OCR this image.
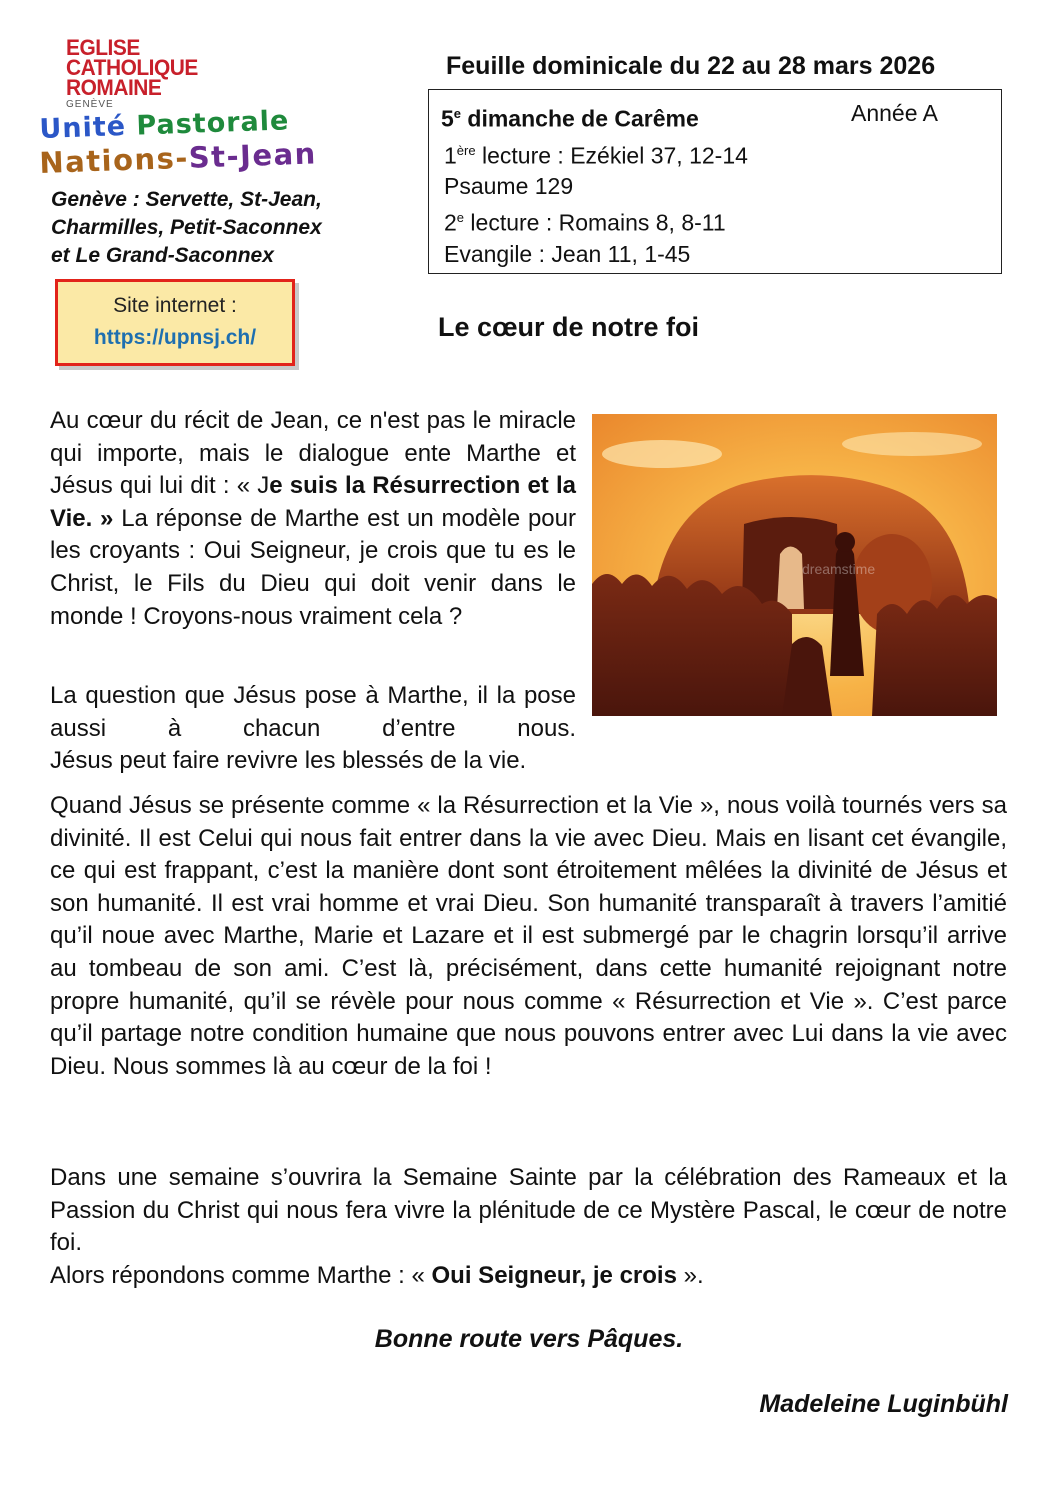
EGLISE
CATHOLIQUE
ROMAINE
GENÈVE
Unité Pastorale
Nations-St-Jean
Genève : Servette, St-Jean,
Charmilles, Petit-Saconnex
et Le Grand-Saconnex
Site internet :
https://upnsj.ch/
Feuille dominicale du 22 au 28 mars 2026
5e dimanche de Carême	Année A
1ère lecture : Ezékiel 37, 12-14
Psaume 129
2e lecture : Romains 8, 8-11
Evangile : Jean 11, 1-45
Le cœur de notre foi
dreamstime

Au cœur du récit de Jean, ce n'est pas le miracle qui importe, mais le dialogue ente Marthe et Jésus qui lui dit : « Je suis la Résurrection et la Vie. » La réponse de Marthe est un modèle pour les croyants : Oui Seigneur, je crois que tu es le Christ, le Fils du Dieu qui doit venir dans le monde ! Croyons-nous vraiment cela ?

La question que Jésus pose à Marthe, il la pose aussi à chacun d’entre nous.

Jésus peut faire revivre les blessés de la vie.

Quand Jésus se présente comme « la Résurrection et la Vie », nous voilà tournés vers sa divinité. Il est Celui qui nous fait entrer dans la vie avec Dieu. Mais en lisant cet évangile, ce qui est frappant, c’est la manière dont sont étroitement mêlées la divinité de Jésus et son humanité. Il est vrai homme et vrai Dieu. Son humanité transparaît à travers l’amitié qu’il noue avec Marthe, Marie et Lazare et il est submergé par le chagrin lorsqu’il arrive au tombeau de son ami. C’est là, précisément, dans cette humanité rejoignant notre propre humanité, qu’il se révèle pour nous comme « Résurrection et Vie ». C’est parce qu’il partage notre condition humaine que nous pouvons entrer avec Lui dans la vie avec Dieu. Nous sommes là au cœur de la foi !

Dans une semaine s’ouvrira la Semaine Sainte par la célébration des Rameaux et la Passion du Christ qui nous fera vivre la plénitude de ce Mystère Pascal, le cœur de notre foi.

Alors répondons comme Marthe : « Oui Seigneur, je crois ».
Bonne route vers Pâques.
Madeleine Luginbühl
